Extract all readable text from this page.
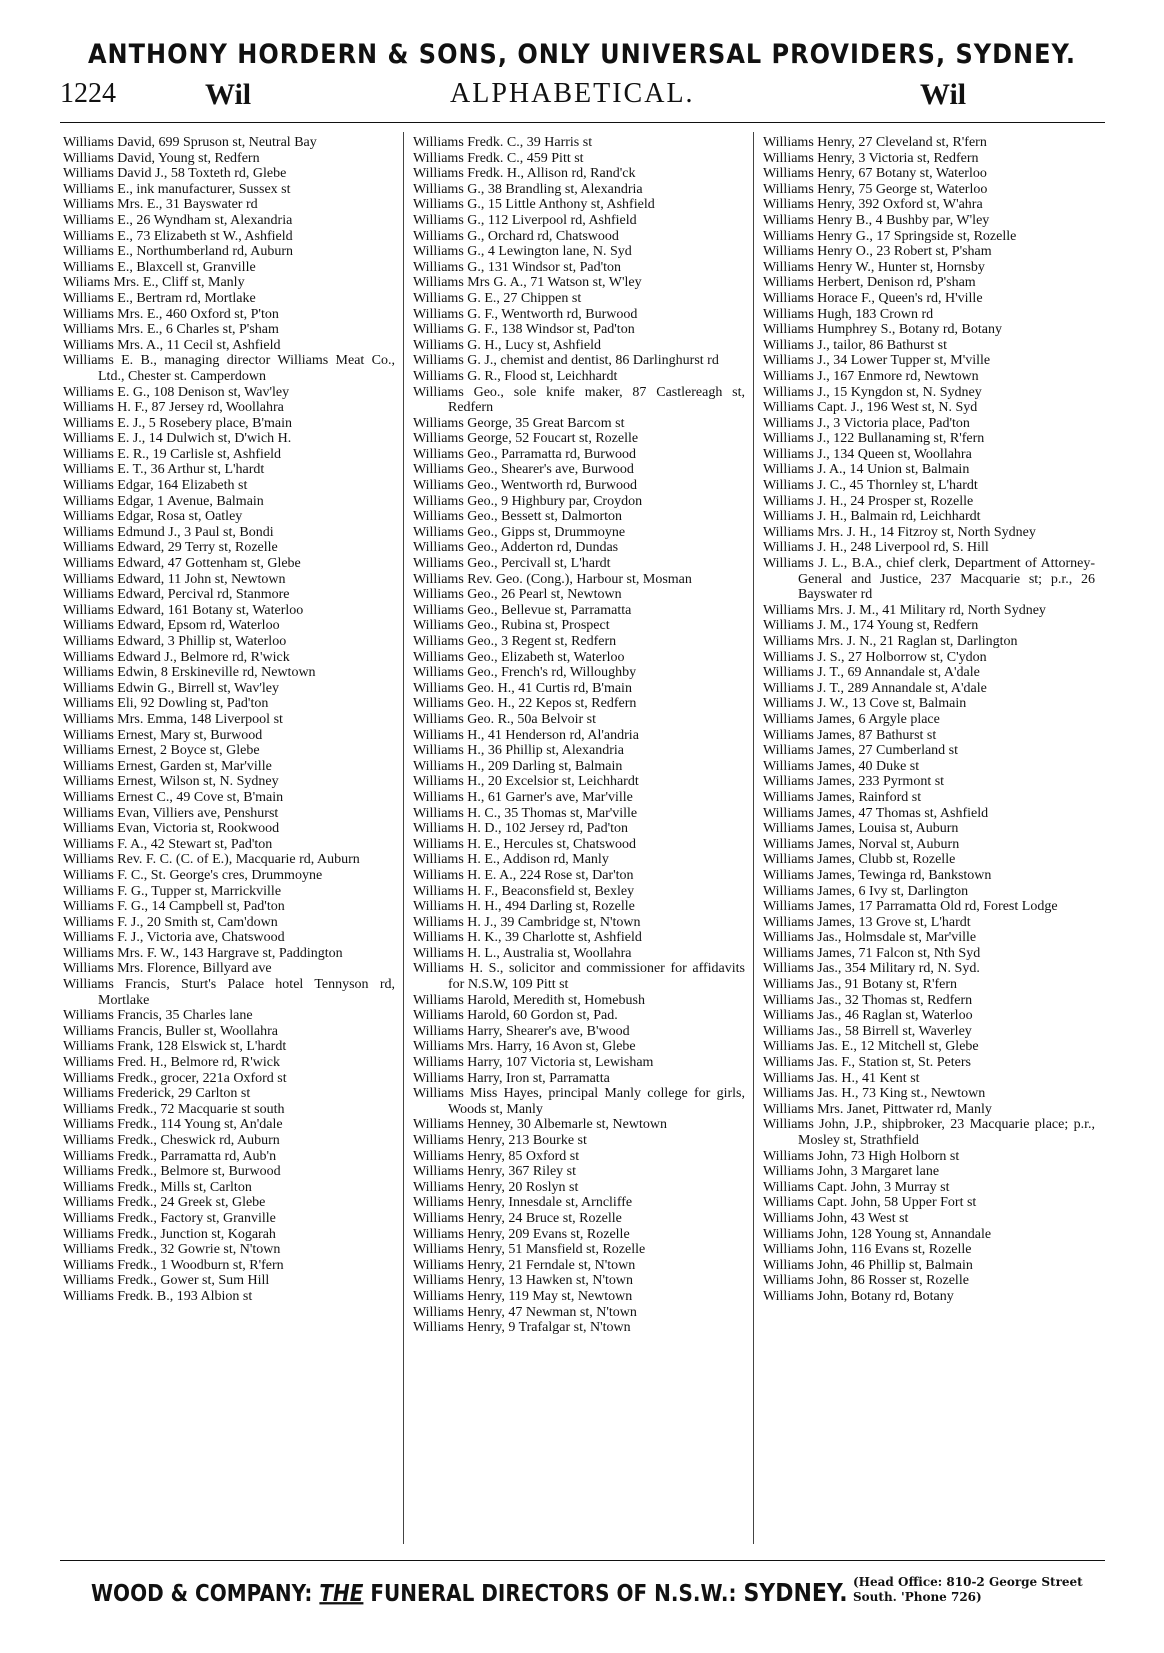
ANTHONY HORDERN & SONS, ONLY UNIVERSAL PROVIDERS, SYDNEY.
1224	Wil	ALPHABETICAL.	Wil
Williams David, 699 Spruson st, Neutral Bay
Williams David, Young st, Redfern
Williams David J., 58 Toxteth rd, Glebe
Williams E., ink manufacturer, Sussex st
Williams Mrs. E., 31 Bayswater rd
Williams E., 26 Wyndham st, Alexandria
Williams E., 73 Elizabeth st W., Ashfield
Williams E., Northumberland rd, Auburn
Williams E., Blaxcell st, Granville
Wiliams Mrs. E., Cliff st, Manly
Williams E., Bertram rd, Mortlake
Williams Mrs. E., 460 Oxford st, P'ton
Williams Mrs. E., 6 Charles st, P'sham
Williams Mrs. A., 11 Cecil st, Ashfield
Williams E. B., managing director Williams Meat Co., Ltd., Chester st. Camperdown
Williams E. G., 108 Denison st, Wav'ley
Williams H. F., 87 Jersey rd, Woollahra
Williams E. J., 5 Rosebery place, B'main
Williams E. J., 14 Dulwich st, D'wich H.
Williams E. R., 19 Carlisle st, Ashfield
Williams E. T., 36 Arthur st, L'hardt
Williams Edgar, 164 Elizabeth st
Williams Edgar, 1 Avenue, Balmain
Williams Edgar, Rosa st, Oatley
Williams Edmund J., 3 Paul st, Bondi
Williams Edward, 29 Terry st, Rozelle
Williams Edward, 47 Gottenham st, Glebe
Williams Edward, 11 John st, Newtown
Williams Edward, Percival rd, Stanmore
Williams Edward, 161 Botany st, Waterloo
Williams Edward, Epsom rd, Waterloo
Williams Edward, 3 Phillip st, Waterloo
Williams Edward J., Belmore rd, R'wick
Williams Edwin, 8 Erskineville rd, Newtown
Williams Edwin G., Birrell st, Wav'ley
Williams Eli, 92 Dowling st, Pad'ton
Williams Mrs. Emma, 148 Liverpool st
Williams Ernest, Mary st, Burwood
Williams Ernest, 2 Boyce st, Glebe
Williams Ernest, Garden st, Mar'ville
Williams Ernest, Wilson st, N. Sydney
Williams Ernest C., 49 Cove st, B'main
Williams Evan, Villiers ave, Penshurst
Williams Evan, Victoria st, Rookwood
Williams F. A., 42 Stewart st, Pad'ton
Williams Rev. F. C. (C. of E.), Macquarie rd, Auburn
Williams F. C., St. George's cres, Drummoyne
Williams F. G., Tupper st, Marrickville
Williams F. G., 14 Campbell st, Pad'ton
Williams F. J., 20 Smith st, Cam'down
Williams F. J., Victoria ave, Chatswood
Williams Mrs. F. W., 143 Hargrave st, Paddington
Williams Mrs. Florence, Billyard ave
Williams Francis, Sturt's Palace hotel Tennyson rd, Mortlake
Williams Francis, 35 Charles lane
Williams Francis, Buller st, Woollahra
Williams Frank, 128 Elswick st, L'hardt
Williams Fred. H., Belmore rd, R'wick
Williams Fredk., grocer, 221a Oxford st
Williams Frederick, 29 Carlton st
Williams Fredk., 72 Macquarie st south
Williams Fredk., 114 Young st, An'dale
Williams Fredk., Cheswick rd, Auburn
Williams Fredk., Parramatta rd, Aub'n
Williams Fredk., Belmore st, Burwood
Williams Fredk., Mills st, Carlton
Williams Fredk., 24 Greek st, Glebe
Williams Fredk., Factory st, Granville
Williams Fredk., Junction st, Kogarah
Williams Fredk., 32 Gowrie st, N'town
Williams Fredk., 1 Woodburn st, R'fern
Williams Fredk., Gower st, Sum Hill
Williams Fredk. B., 193 Albion st
Williams Fredk. C., 39 Harris st
Williams Fredk. C., 459 Pitt st
Williams Fredk. H., Allison rd, Rand'ck
Williams G., 38 Brandling st, Alexandria
Williams G., 15 Little Anthony st, Ashfield
Williams G., 112 Liverpool rd, Ashfield
Williams G., Orchard rd, Chatswood
Williams G., 4 Lewington lane, N. Syd
Williams G., 131 Windsor st, Pad'ton
Williams Mrs G. A., 71 Watson st, W'ley
Williams G. E., 27 Chippen st
Williams G. F., Wentworth rd, Burwood
Williams G. F., 138 Windsor st, Pad'ton
Williams G. H., Lucy st, Ashfield
Williams G. J., chemist and dentist, 86 Darlinghurst rd
Williams G. R., Flood st, Leichhardt
Williams Geo., sole knife maker, 87 Castlereagh st, Redfern
Williams George, 35 Great Barcom st
Williams George, 52 Foucart st, Rozelle
Williams Geo., Parramatta rd, Burwood
Williams Geo., Shearer's ave, Burwood
Williams Geo., Wentworth rd, Burwood
Williams Geo., 9 Highbury par, Croydon
Williams Geo., Bessett st, Dalmorton
Williams Geo., Gipps st, Drummoyne
Williams Geo., Adderton rd, Dundas
Williams Geo., Percivall st, L'hardt
Williams Rev. Geo. (Cong.), Harbour st, Mosman
Williams Geo., 26 Pearl st, Newtown
Williams Geo., Bellevue st, Parramatta
Williams Geo., Rubina st, Prospect
Williams Geo., 3 Regent st, Redfern
Williams Geo., Elizabeth st, Waterloo
Williams Geo., French's rd, Willoughby
Williams Geo. H., 41 Curtis rd, B'main
Williams Geo. H., 22 Kepos st, Redfern
Williams Geo. R., 50a Belvoir st
Williams H., 41 Henderson rd, Al'andria
Williams H., 36 Phillip st, Alexandria
Williams H., 209 Darling st, Balmain
Williams H., 20 Excelsior st, Leichhardt
Williams H., 61 Garner's ave, Mar'ville
Williams H. C., 35 Thomas st, Mar'ville
Williams H. D., 102 Jersey rd, Pad'ton
Williams H. E., Hercules st, Chatswood
Williams H. E., Addison rd, Manly
Williams H. E. A., 224 Rose st, Dar'ton
Williams H. F., Beaconsfield st, Bexley
Williams H. H., 494 Darling st, Rozelle
Williams H. J., 39 Cambridge st, N'town
Williams H. K., 39 Charlotte st, Ashfield
Williams H. L., Australia st, Woollahra
Williams H. S., solicitor and commissioner for affidavits for N.S.W, 109 Pitt st
Williams Harold, Meredith st, Homebush
Williams Harold, 60 Gordon st, Pad.
Williams Harry, Shearer's ave, B'wood
Williams Mrs. Harry, 16 Avon st, Glebe
Williams Harry, 107 Victoria st, Lewisham
Williams Harry, Iron st, Parramatta
Williams Miss Hayes, principal Manly college for girls, Woods st, Manly
Williams Henney, 30 Albemarle st, Newtown
Williams Henry, 213 Bourke st
Williams Henry, 85 Oxford st
Williams Henry, 367 Riley st
Williams Henry, 20 Roslyn st
Williams Henry, Innesdale st, Arncliffe
Williams Henry, 24 Bruce st, Rozelle
Williams Henry, 209 Evans st, Rozelle
Williams Henry, 51 Mansfield st, Rozelle
Williams Henry, 21 Ferndale st, N'town
Williams Henry, 13 Hawken st, N'town
Williams Henry, 119 May st, Newtown
Williams Henry, 47 Newman st, N'town
Williams Henry, 9 Trafalgar st, N'town
Williams Henry, 27 Cleveland st, R'fern
Williams Henry, 3 Victoria st, Redfern
Williams Henry, 67 Botany st, Waterloo
Williams Henry, 75 George st, Waterloo
Williams Henry, 392 Oxford st, W'ahra
Williams Henry B., 4 Bushby par, W'ley
Williams Henry G., 17 Springside st, Rozelle
Williams Henry O., 23 Robert st, P'sham
Williams Henry W., Hunter st, Hornsby
Williams Herbert, Denison rd, P'sham
Williams Horace F., Queen's rd, H'ville
Williams Hugh, 183 Crown rd
Williams Humphrey S., Botany rd, Botany
Williams J., tailor, 86 Bathurst st
Williams J., 34 Lower Tupper st, M'ville
Williams J., 167 Enmore rd, Newtown
Williams J., 15 Kyngdon st, N. Sydney
Williams Capt. J., 196 West st, N. Syd
Williams J., 3 Victoria place, Pad'ton
Williams J., 122 Bullanaming st, R'fern
Williams J., 134 Queen st, Woollahra
Williams J. A., 14 Union st, Balmain
Williams J. C., 45 Thornley st, L'hardt
Williams J. H., 24 Prosper st, Rozelle
Williams J. H., Balmain rd, Leichhardt
Williams Mrs. J. H., 14 Fitzroy st, North Sydney
Williams J. H., 248 Liverpool rd, S. Hill
Williams J. L., B.A., chief clerk, Department of Attorney-General and Justice, 237 Macquarie st; p.r., 26 Bayswater rd
Williams Mrs. J. M., 41 Military rd, North Sydney
Williams J. M., 174 Young st, Redfern
Williams Mrs. J. N., 21 Raglan st, Darlington
Williams J. S., 27 Holborrow st, C'ydon
Williams J. T., 69 Annandale st, A'dale
Williams J. T., 289 Annandale st, A'dale
Williams J. W., 13 Cove st, Balmain
Williams James, 6 Argyle place
Williams James, 87 Bathurst st
Williams James, 27 Cumberland st
Williams James, 40 Duke st
Williams James, 233 Pyrmont st
Williams James, Rainford st
Williams James, 47 Thomas st, Ashfield
Williams James, Louisa st, Auburn
Williams James, Norval st, Auburn
Williams James, Clubb st, Rozelle
Williams James, Tewinga rd, Bankstown
Williams James, 6 Ivy st, Darlington
Williams James, 17 Parramatta Old rd, Forest Lodge
Williams James, 13 Grove st, L'hardt
Williams Jas., Holmsdale st, Mar'ville
Williams James, 71 Falcon st, Nth Syd
Williams Jas., 354 Military rd, N. Syd.
Williams Jas., 91 Botany st, R'fern
Williams Jas., 32 Thomas st, Redfern
Williams Jas., 46 Raglan st, Waterloo
Williams Jas., 58 Birrell st, Waverley
Williams Jas. E., 12 Mitchell st, Glebe
Williams Jas. F., Station st, St. Peters
Williams Jas. H., 41 Kent st
Williams Jas. H., 73 King st., Newtown
Williams Mrs. Janet, Pittwater rd, Manly
Williams John, J.P., shipbroker, 23 Macquarie place; p.r., Mosley st, Strathfield
Williams John, 73 High Holborn st
Williams John, 3 Margaret lane
Williams Capt. John, 3 Murray st
Williams Capt. John, 58 Upper Fort st
Williams John, 43 West st
Williams John, 128 Young st, Annandale
Williams John, 116 Evans st, Rozelle
Williams John, 46 Phillip st, Balmain
Williams John, 86 Rosser st, Rozelle
Williams John, Botany rd, Botany
WOOD & COMPANY: THE FUNERAL DIRECTORS OF N.S.W.: SYDNEY. (Head Office: 810-2 George Street South. 'Phone 726)
